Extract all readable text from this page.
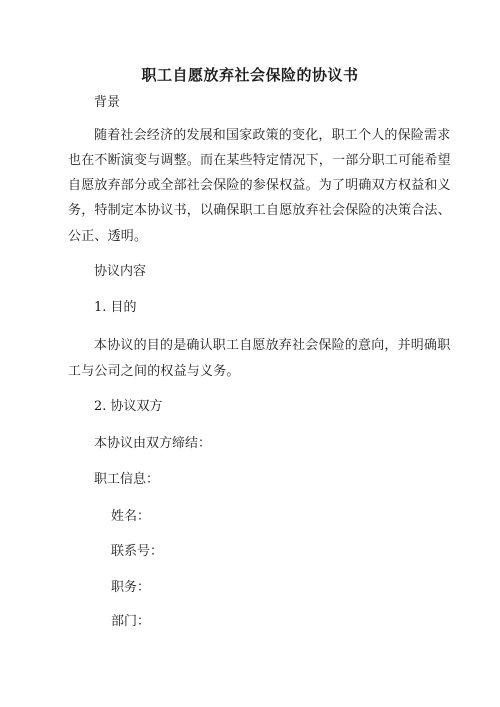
职工自愿放弃社会保险的协议书
背景
随着社会经济的发展和国家政策的变化，职工个人的保险需求
也在不断演变与调整。而在某些特定情况下，一部分职工可能希望
自愿放弃部分或全部社会保险的参保权益。为了明确双方权益和义
务，特制定本协议书，以确保职工自愿放弃社会保险的决策合法、
公正、透明。
协议内容
1. 目的
本协议的目的是确认职工自愿放弃社会保险的意向，并明确职
工与公司之间的权益与义务。
2. 协议双方
本协议由双方缔结：
职工信息：
姓名：
联系号：
职务：
部门：
